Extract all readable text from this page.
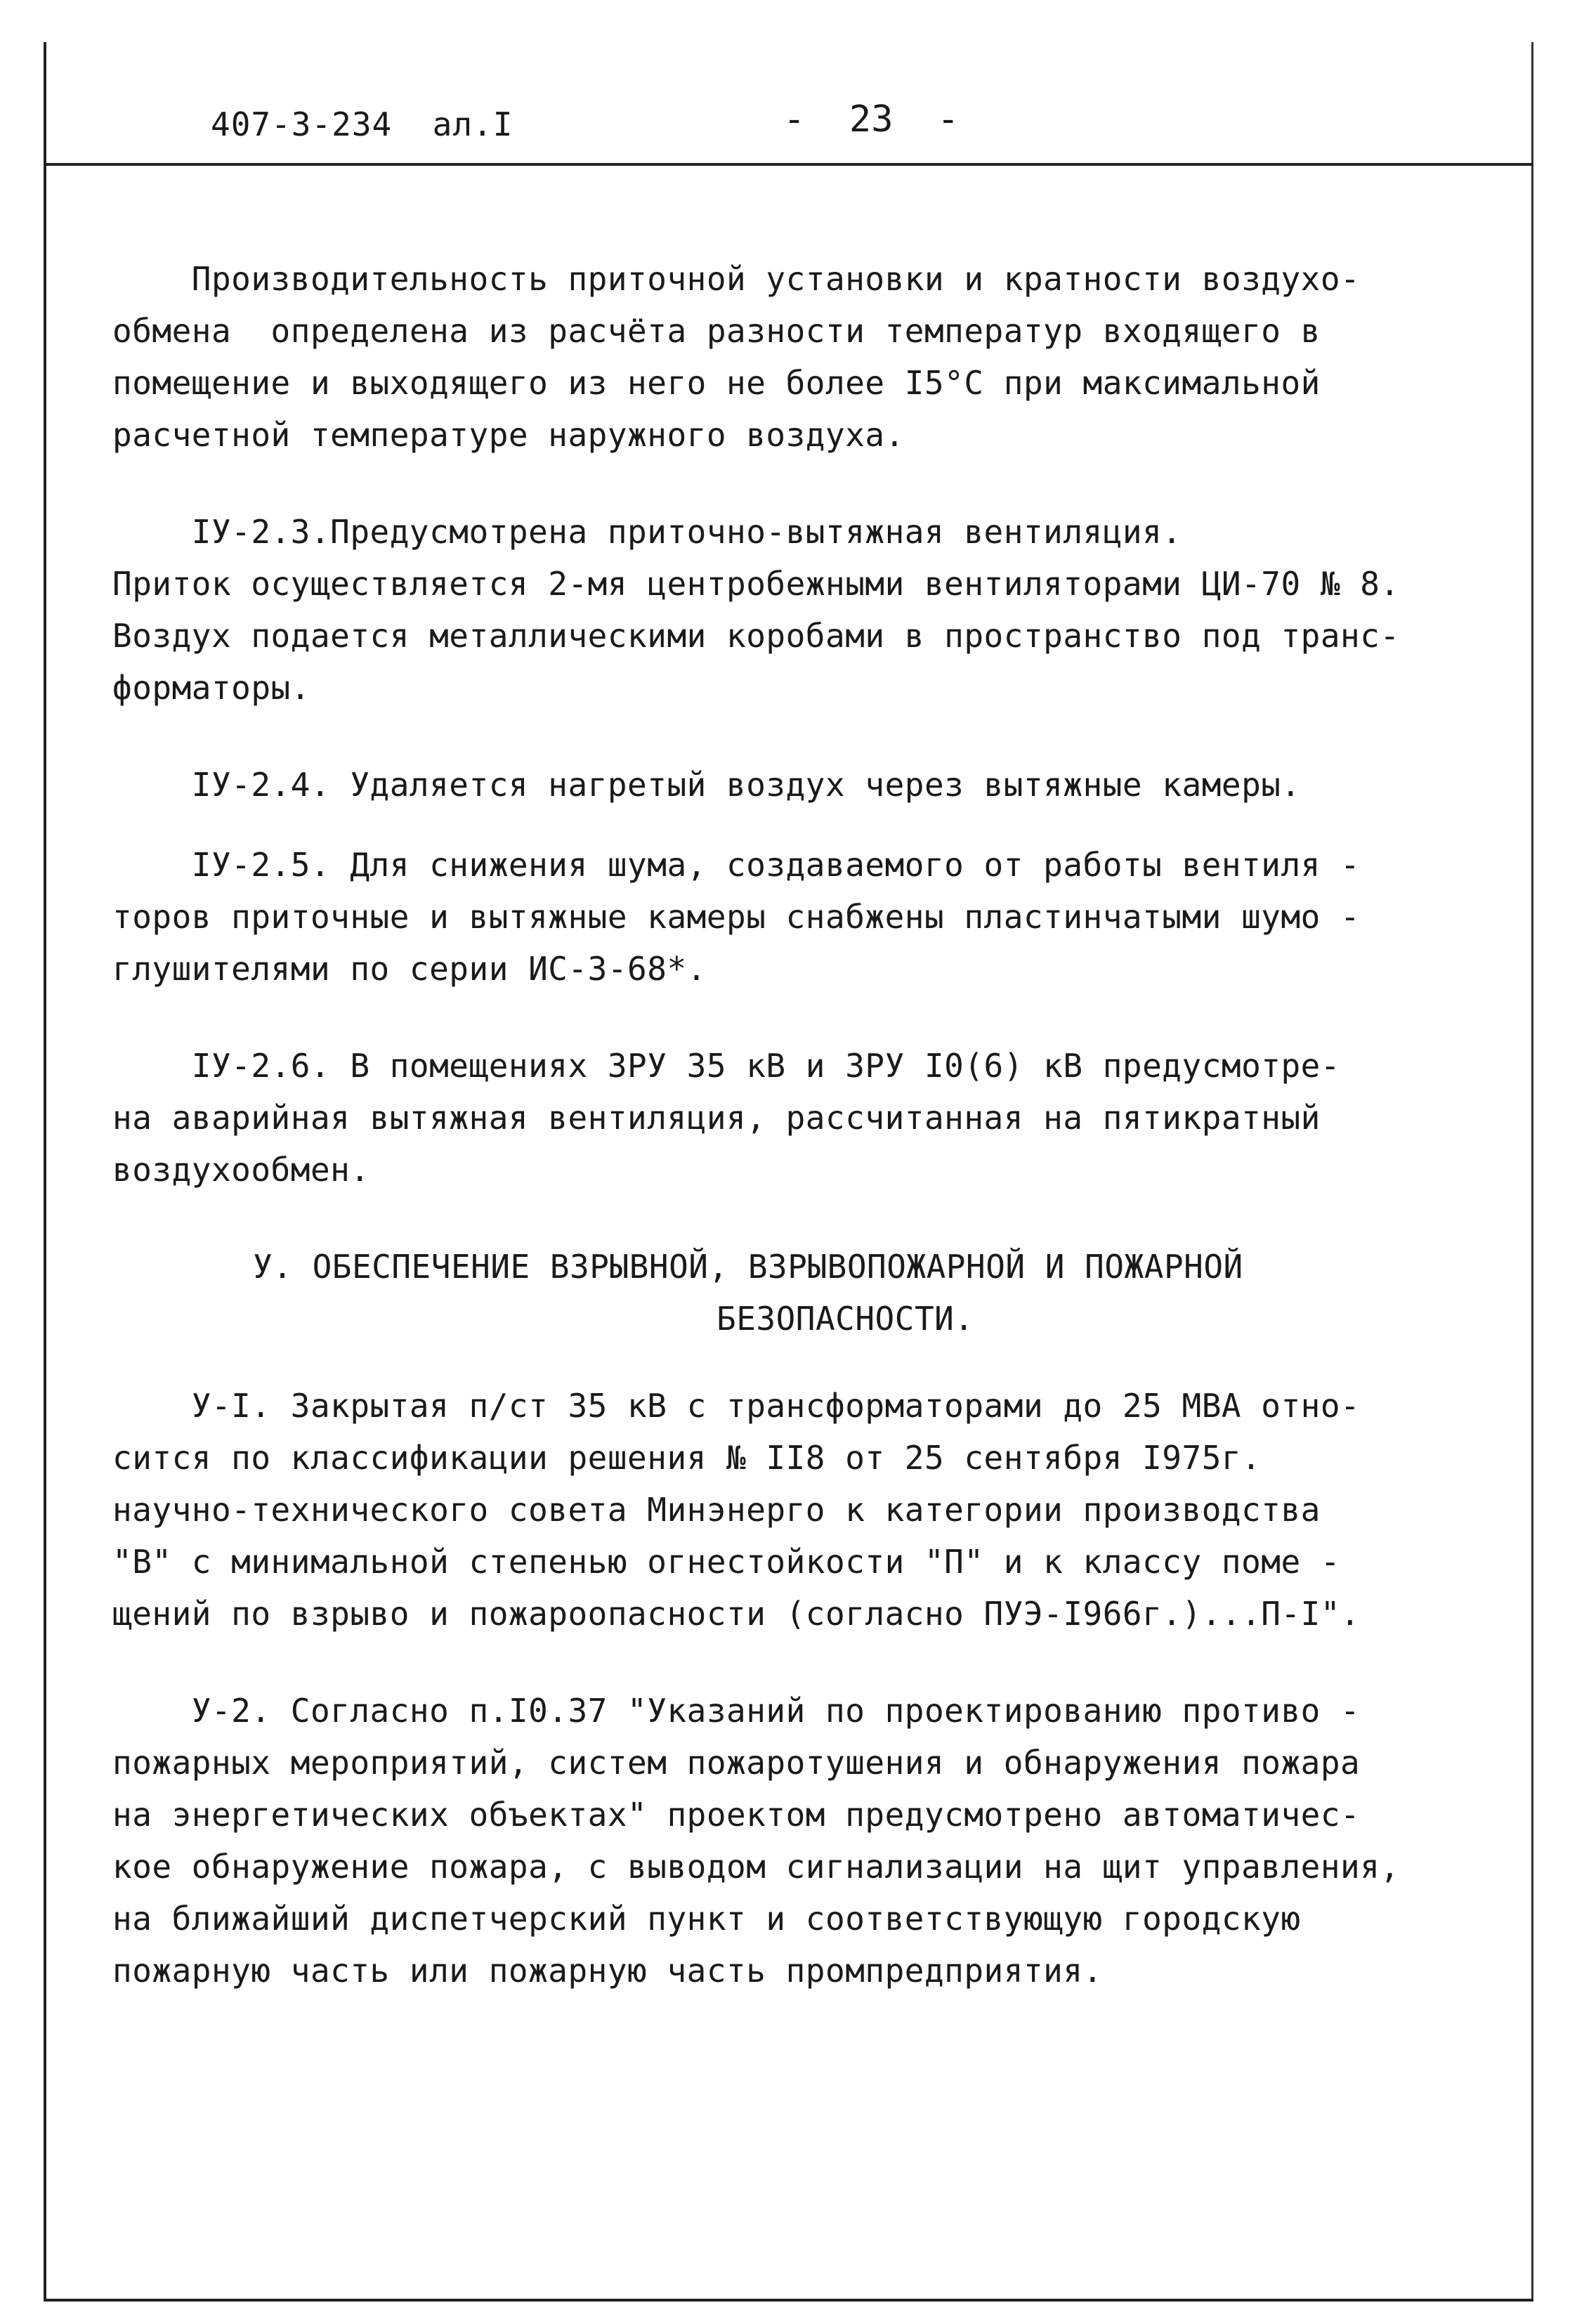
407-3-234  ал.I	-  23  -
Производительность приточной установки и кратности воздухо-
обмена  определена из расчёта разности температур входящего в
помещение и выходящего из него не более I5°С при максимальной
расчетной температуре наружного воздуха.
IУ-2.3.Предусмотрена приточно-вытяжная вентиляция.
Приток осуществляется 2-мя центробежными вентиляторами ЦИ-70 № 8.
Воздух подается металлическими коробами в пространство под транс-
форматоры.
IУ-2.4. Удаляется нагретый воздух через вытяжные камеры.
IУ-2.5. Для снижения шума, создаваемого от работы вентиля -
торов приточные и вытяжные камеры снабжены пластинчатыми шумо -
глушителями по серии ИС-3-68*.
IУ-2.6. В помещениях ЗРУ 35 кВ и ЗРУ I0(6) кВ предусмотре-
на аварийная вытяжная вентиляция, рассчитанная на пятикратный
воздухообмен.
У. ОБЕСПЕЧЕНИЕ ВЗРЫВНОЙ, ВЗРЫВОПОЖАРНОЙ И ПОЖАРНОЙ
БЕЗОПАСНОСТИ.
У-I. Закрытая п/ст 35 кВ с трансформаторами до 25 МВА отно-
сится по классификации решения № II8 от 25 сентября I975г.
научно-технического совета Минэнерго к категории производства
"В" с минимальной степенью огнестойкости "П" и к классу поме -
щений по взрыво и пожароопасности (согласно ПУЭ-I966г.)...П-I".
У-2. Согласно п.I0.37 "Указаний по проектированию противо -
пожарных мероприятий, систем пожаротушения и обнаружения пожара
на энергетических объектах" проектом предусмотрено автоматичес-
кое обнаружение пожара, с выводом сигнализации на щит управления,
на ближайший диспетчерский пункт и соответствующую городскую
пожарную часть или пожарную часть промпредприятия.
